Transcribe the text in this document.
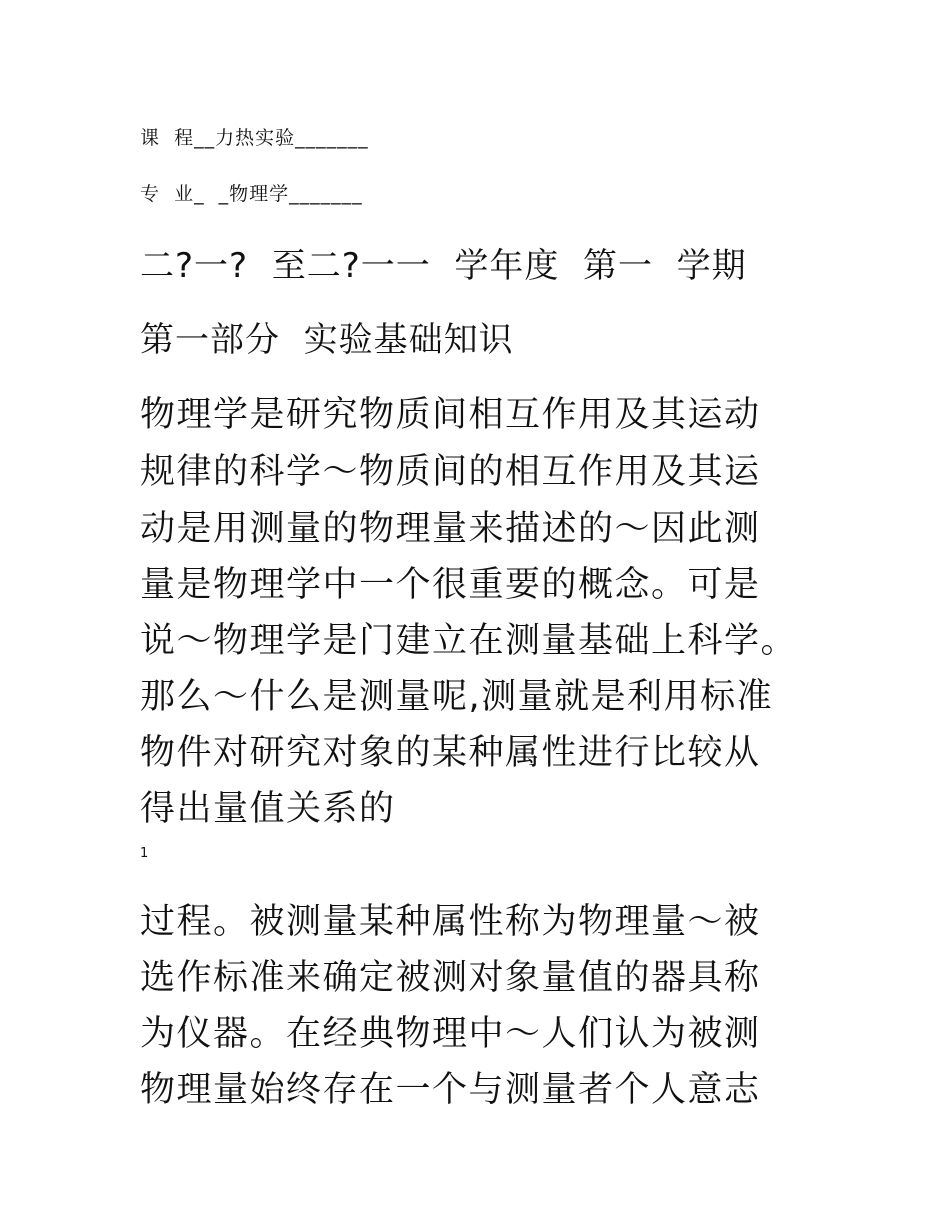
课  程__力热实验_______

专  业_  _物理学_______

二?一?  至二?一一  学年度  第一  学期

第一部分  实验基础知识

物理学是研究物质间相互作用及其运动

规律的科学～物质间的相互作用及其运

动是用测量的物理量来描述的～因此测

量是物理学中一个很重要的概念。可是

说～物理学是门建立在测量基础上科学。

那么～什么是测量呢,测量就是利用标准

物件对研究对象的某种属性进行比较从

得出量值关系的

1

过程。被测量某种属性称为物理量～被

选作标准来确定被测对象量值的器具称

为仪器。在经典物理中～人们认为被测

物理量始终存在一个与测量者个人意志
